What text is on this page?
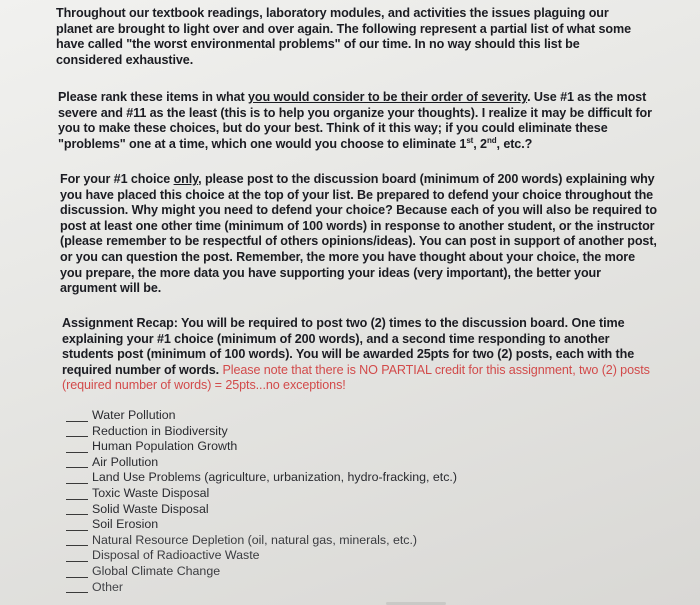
Throughout our textbook readings, laboratory modules, and activities the issues plaguing our planet are brought to light over and over again. The following represent a partial list of what some have called "the worst environmental problems" of our time. In no way should this list be considered exhaustive.

Please rank these items in what you would consider to be their order of severity. Use #1 as the most severe and #11 as the least (this is to help you organize your thoughts). I realize it may be difficult for you to make these choices, but do your best. Think of it this way; if you could eliminate these "problems" one at a time, which one would you choose to eliminate 1st, 2nd, etc.?

For your #1 choice only, please post to the discussion board (minimum of 200 words) explaining why you have placed this choice at the top of your list. Be prepared to defend your choice throughout the discussion. Why might you need to defend your choice? Because each of you will also be required to post at least one other time (minimum of 100 words) in response to another student, or the instructor (please remember to be respectful of others opinions/ideas). You can post in support of another post, or you can question the post. Remember, the more you have thought about your choice, the more you prepare, the more data you have supporting your ideas (very important), the better your argument will be.

Assignment Recap: You will be required to post two (2) times to the discussion board. One time explaining your #1 choice (minimum of 200 words), and a second time responding to another students post (minimum of 100 words). You will be awarded 25pts for two (2) posts, each with the required number of words. Please note that there is NO PARTIAL credit for this assignment, two (2) posts (required number of words) = 25pts...no exceptions!

Water Pollution
Reduction in Biodiversity
Human Population Growth
Air Pollution
Land Use Problems (agriculture, urbanization, hydro-fracking, etc.)
Toxic Waste Disposal
Solid Waste Disposal
Soil Erosion
Natural Resource Depletion (oil, natural gas, minerals, etc.)
Disposal of Radioactive Waste
Global Climate Change
Other
